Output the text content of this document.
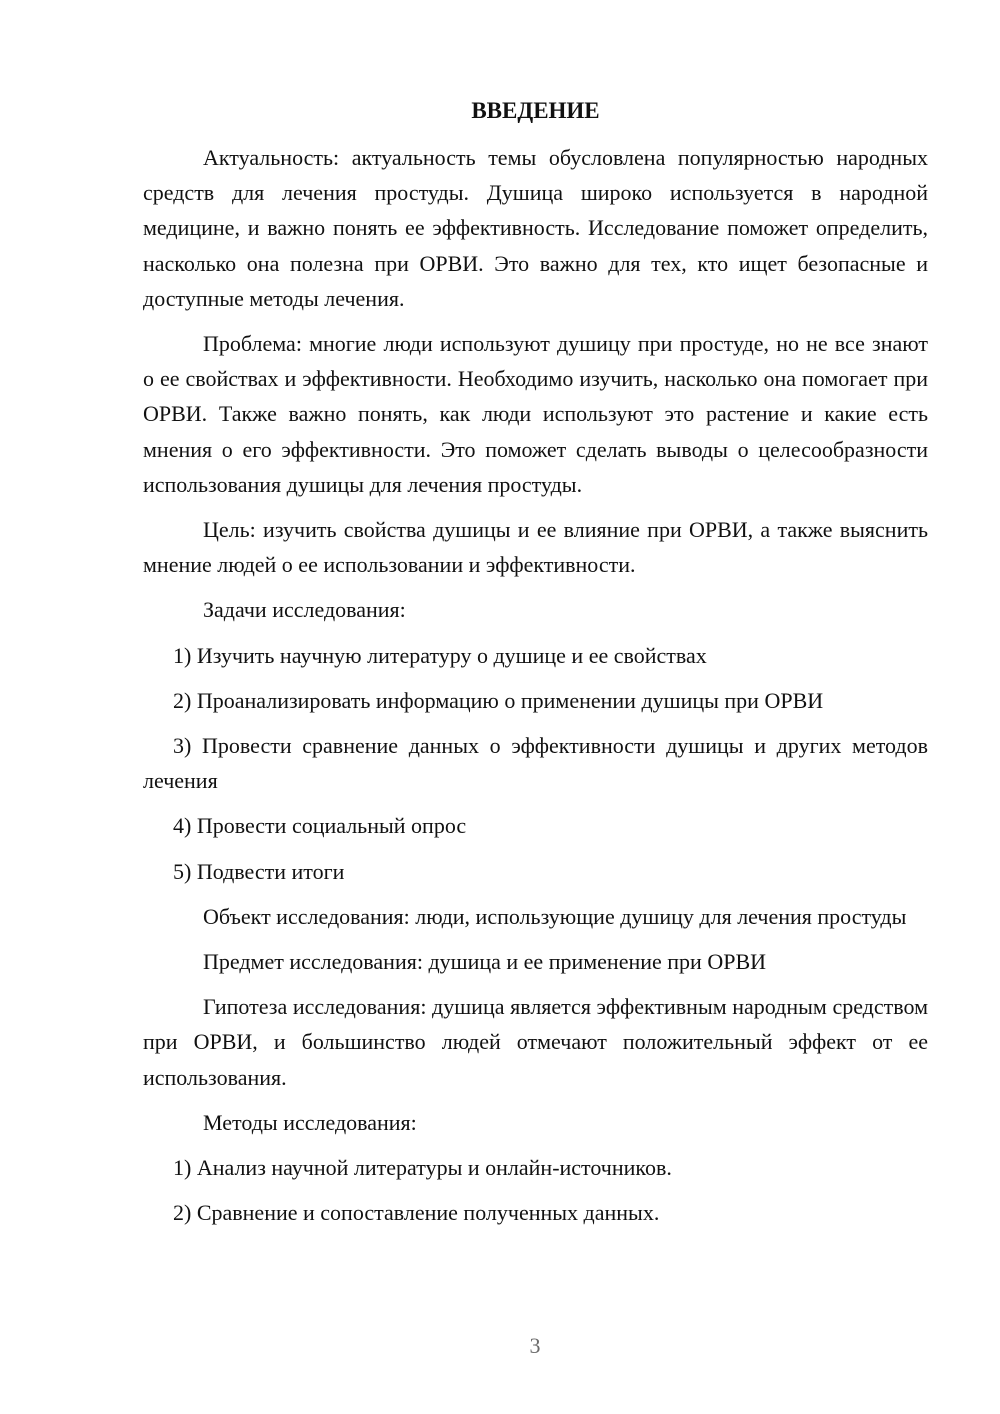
ВВЕДЕНИЕ

Актуальность: актуальность темы обусловлена популярностью народных средств для лечения простуды. Душица широко используется в народной медицине, и важно понять ее эффективность. Исследование поможет определить, насколько она полезна при ОРВИ. Это важно для тех, кто ищет безопасные и доступные методы лечения.

Проблема: многие люди используют душицу при простуде, но не все знают о ее свойствах и эффективности. Необходимо изучить, насколько она помогает при ОРВИ. Также важно понять, как люди используют это растение и какие есть мнения о его эффективности. Это поможет сделать выводы о целесообразности использования душицы для лечения простуды.

Цель: изучить свойства душицы и ее влияние при ОРВИ, а также выяснить мнение людей о ее использовании и эффективности.

Задачи исследования:

1) Изучить научную литературу о душице и ее свойствах

2) Проанализировать информацию о применении душицы при ОРВИ

3) Провести сравнение данных о эффективности душицы и других методов лечения

4) Провести социальный опрос

5) Подвести итоги

Объект исследования: люди, использующие душицу для лечения простуды

Предмет исследования: душица и ее применение при ОРВИ

Гипотеза исследования: душица является эффективным народным средством при ОРВИ, и большинство людей отмечают положительный эффект от ее использования.

Методы исследования:

1) Анализ научной литературы и онлайн-источников.

2) Сравнение и сопоставление полученных данных.

3
